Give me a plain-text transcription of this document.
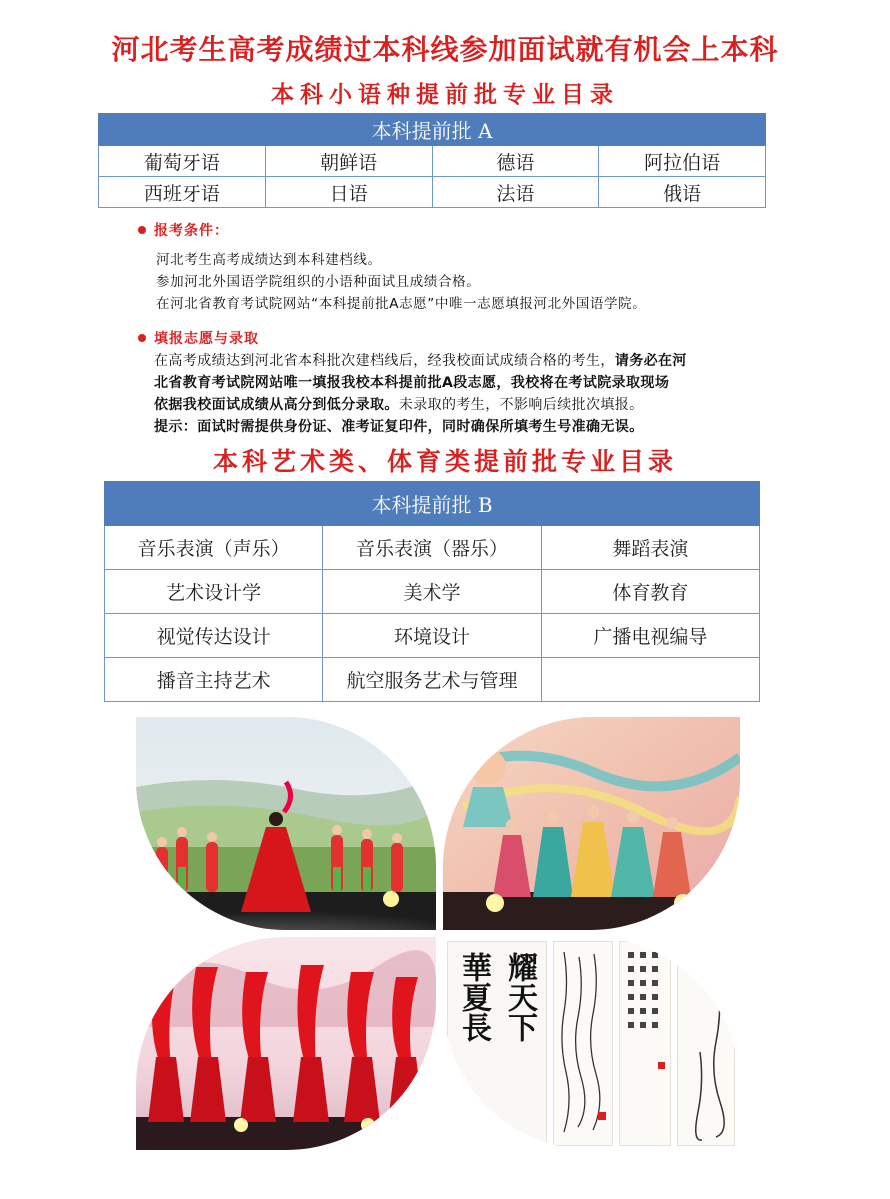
河北考生高考成绩过本科线参加面试就有机会上本科
本科小语种提前批专业目录
本科提前批 A			
葡萄牙语	朝鲜语	德语	阿拉伯语
西班牙语	日语	法语	俄语
报考条件：
河北考生高考成绩达到本科建档线。
参加河北外国语学院组织的小语种面试且成绩合格。
在河北省教育考试院网站“本科提前批A志愿”中唯一志愿填报河北外国语学院。
填报志愿与录取
在高考成绩达到河北省本科批次建档线后，经我校面试成绩合格的考生，请务必在河
北省教育考试院网站唯一填报我校本科提前批A段志愿，我校将在考试院录取现场
依据我校面试成绩从高分到低分录取。未录取的考生，不影响后续批次填报。
提示：面试时需提供身份证、准考证复印件，同时确保所填考生号准确无误。
本科艺术类、体育类提前批专业目录
本科提前批 B		
音乐表演（声乐）	音乐表演（器乐）	舞蹈表演
艺术设计学	美术学	体育教育
视觉传达设计	环境设计	广播电视编导
播音主持艺术	航空服务艺术与管理	
華夏長 耀天下	巍
